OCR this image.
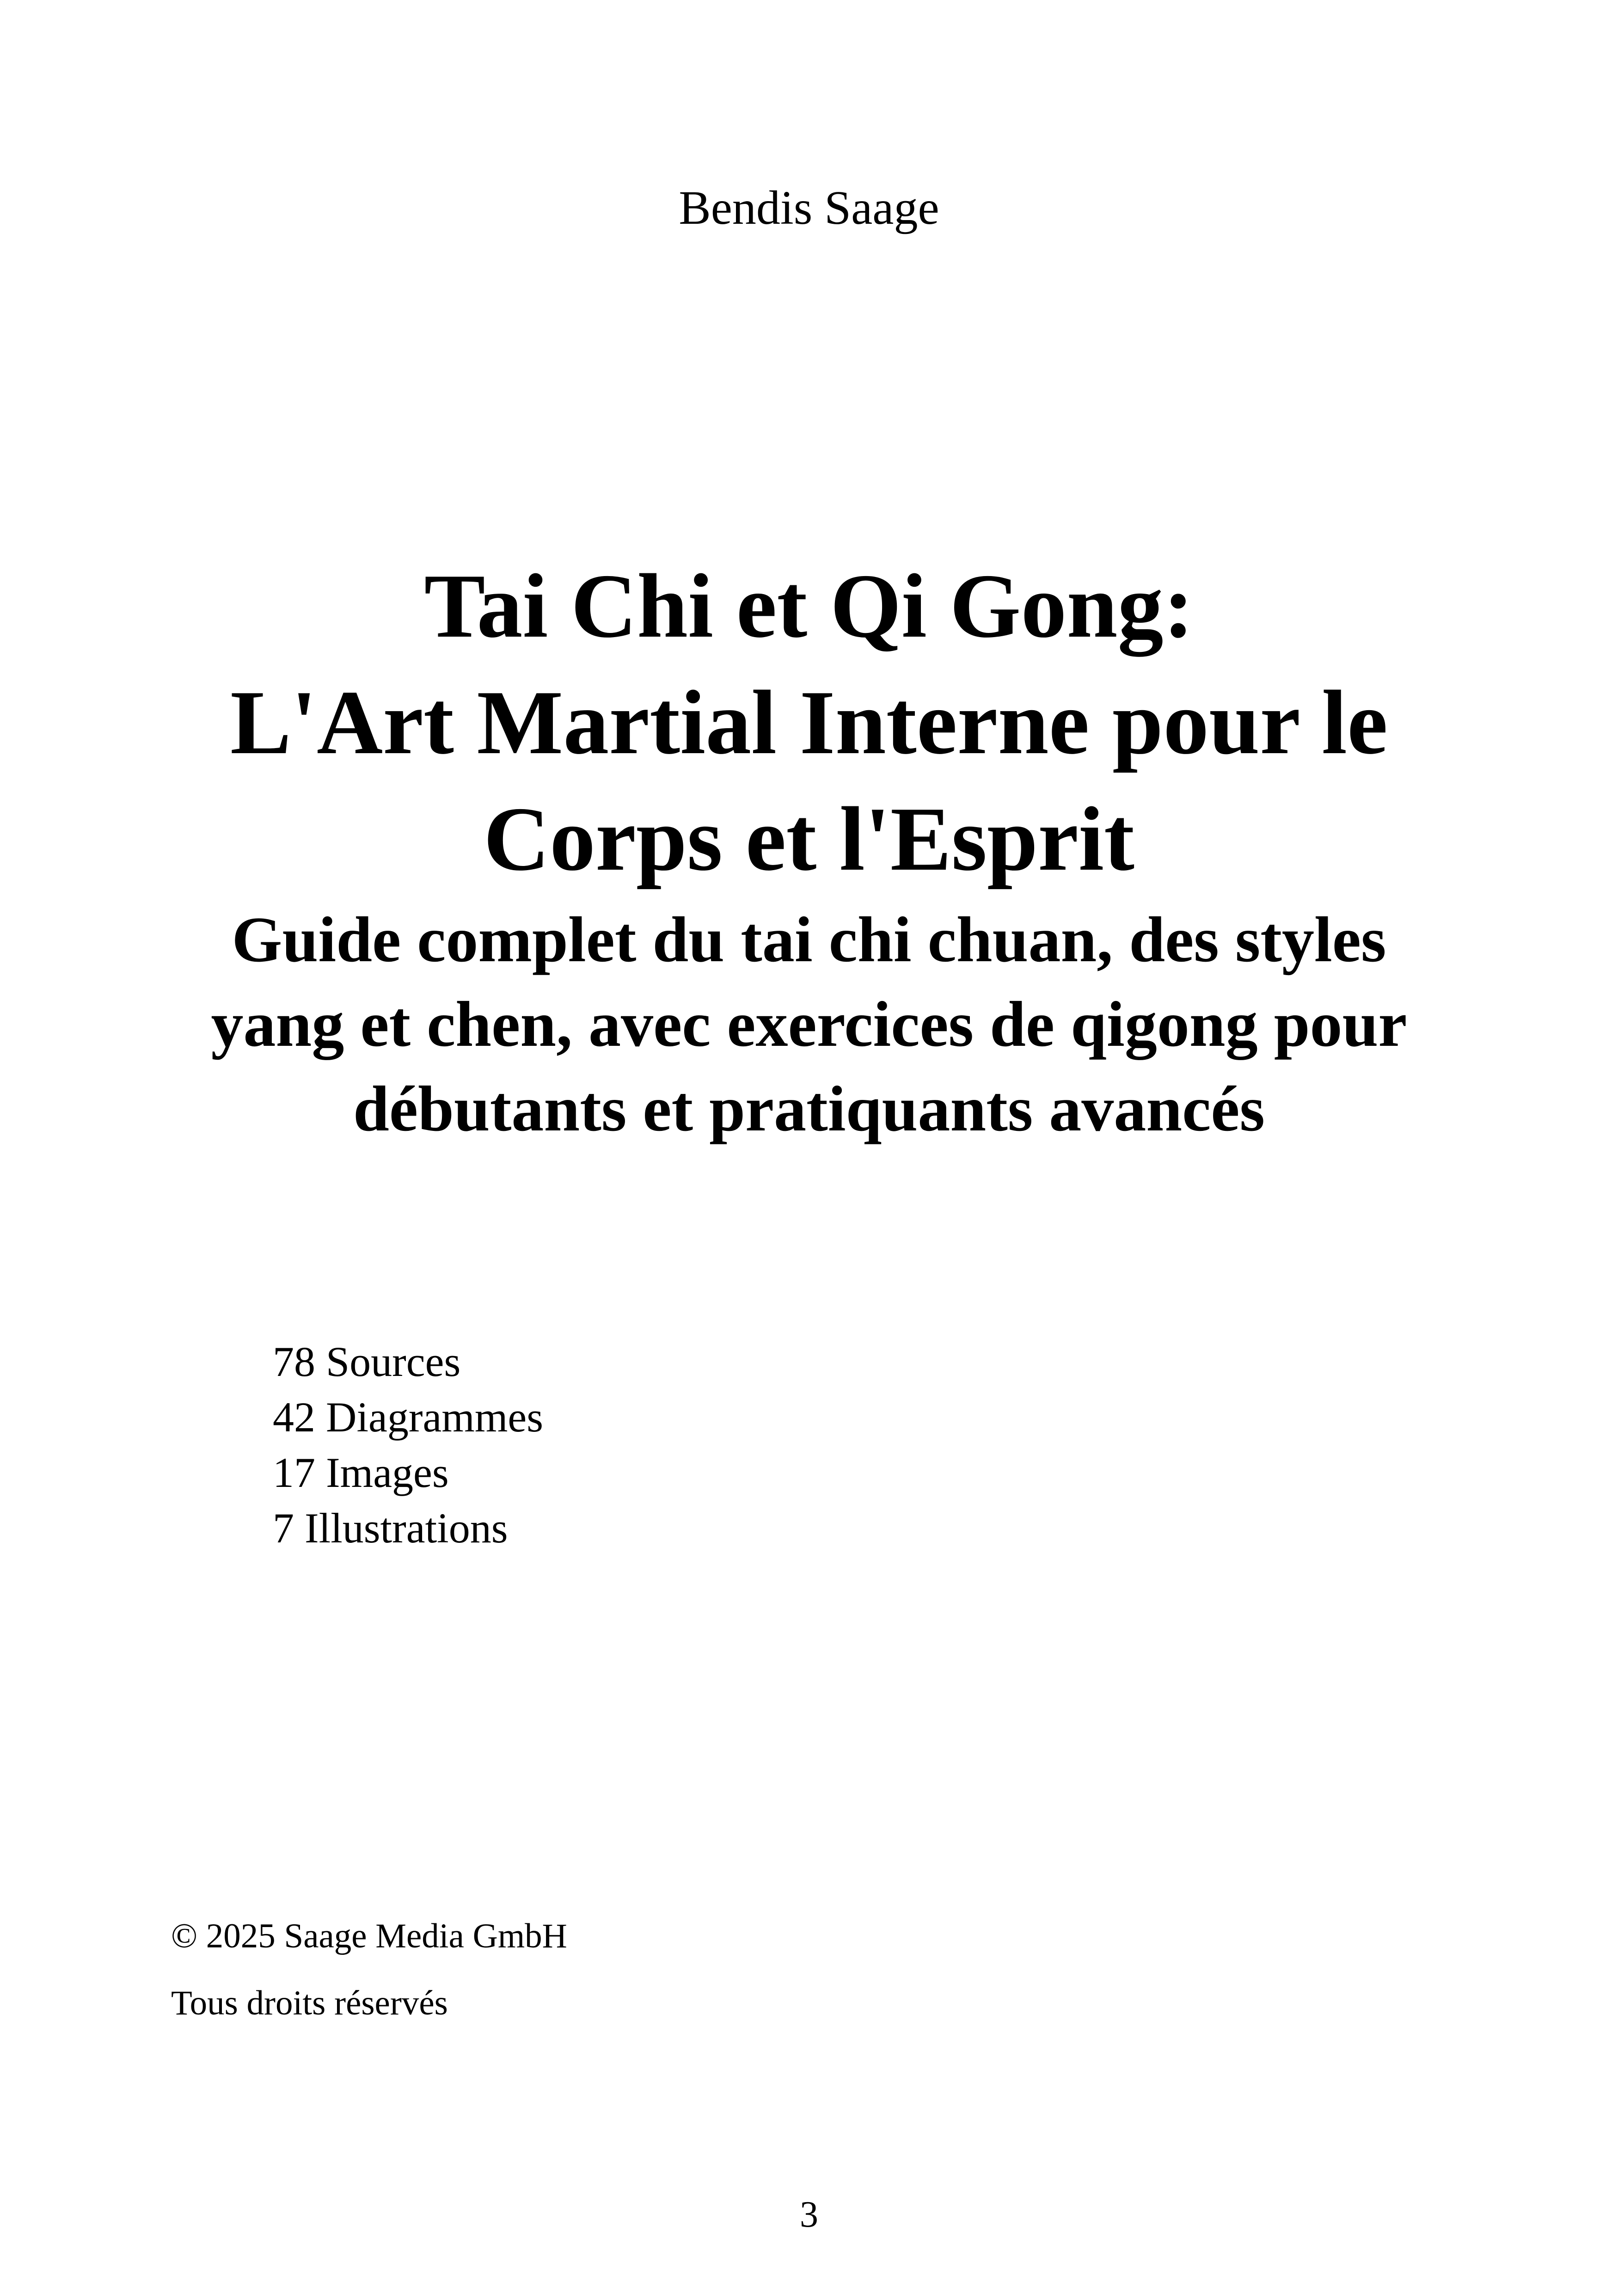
Bendis Saage
Tai Chi et Qi Gong:
L'Art Martial Interne pour le
Corps et l'Esprit
Guide complet du tai chi chuan, des styles
yang et chen, avec exercices de qigong pour
débutants et pratiquants avancés
78 Sources
42 Diagrammes
17 Images
7 Illustrations
© 2025 Saage Media GmbH
Tous droits réservés
3
